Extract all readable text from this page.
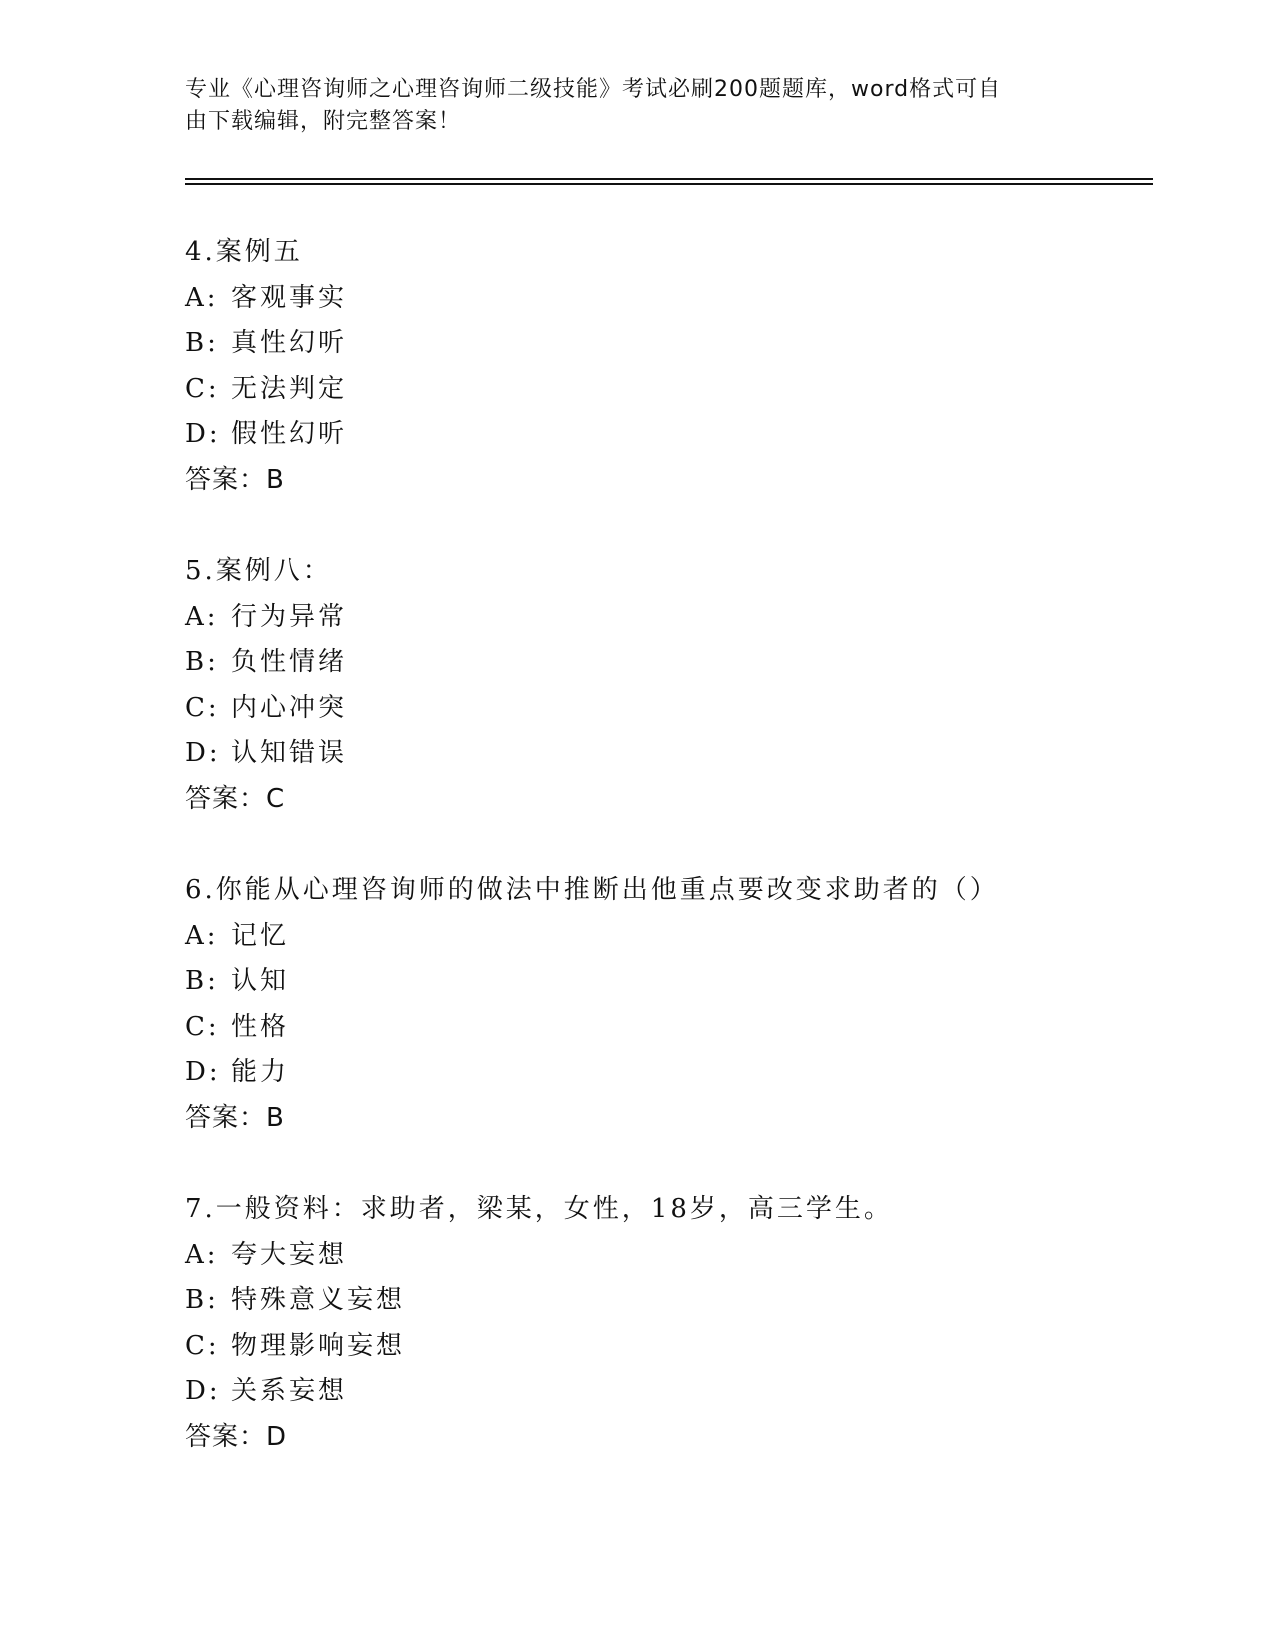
专业《心理咨询师之心理咨询师二级技能》考试必刷200题题库，word格式可自
由下载编辑，附完整答案！
4.案例五
A: 客观事实
B: 真性幻听
C: 无法判定
D: 假性幻听
答案：B
5.案例八：
A: 行为异常
B: 负性情绪
C: 内心冲突
D: 认知错误
答案：C
6.你能从心理咨询师的做法中推断出他重点要改变求助者的（）
A: 记忆
B: 认知
C: 性格
D: 能力
答案：B
7.一般资料：求助者，梁某，女性，18岁，高三学生。
A: 夸大妄想
B: 特殊意义妄想
C: 物理影响妄想
D: 关系妄想
答案：D
